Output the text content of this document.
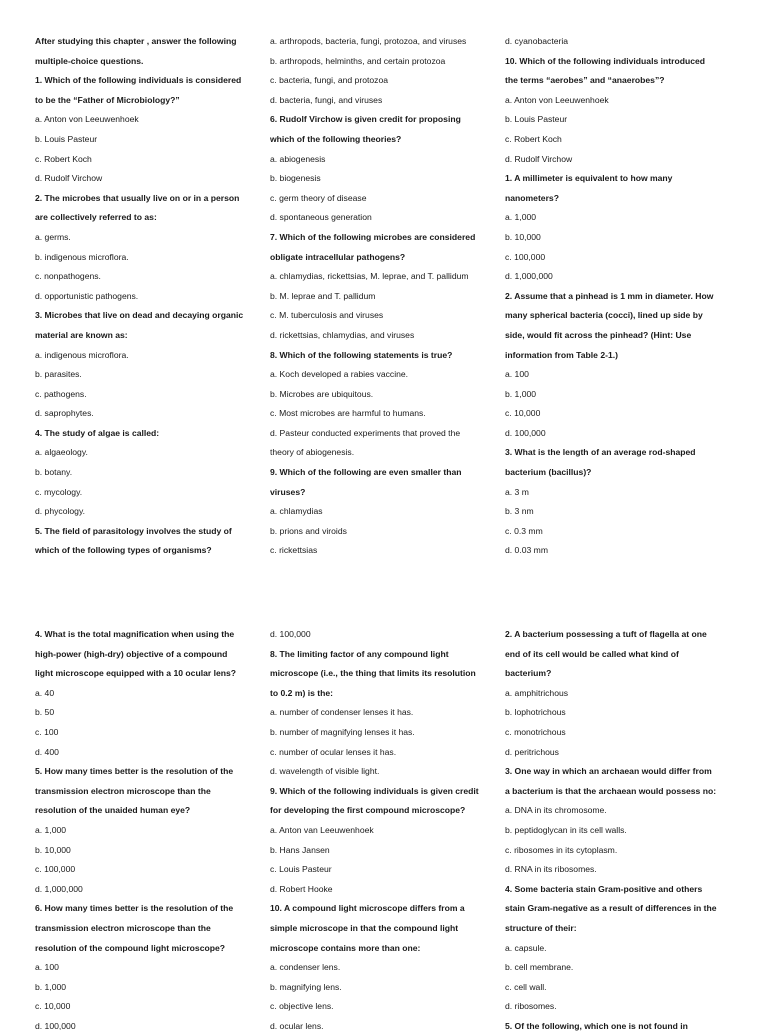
After studying this chapter , answer the following
multiple-choice questions.
1. Which of the following individuals is considered
to be the “Father of Microbiology?”
a. Anton von Leeuwenhoek
b. Louis Pasteur
c. Robert Koch
d. Rudolf Virchow
2. The microbes that usually live on or in a person
are collectively referred to as:
a. germs.
b. indigenous microflora.
c. nonpathogens.
d. opportunistic pathogens.
3. Microbes that live on dead and decaying organic
material are known as:
a. indigenous microflora.
b. parasites.
c. pathogens.
d. saprophytes.
4. The study of algae is called:
a. algaeology.
b. botany.
c. mycology.
d. phycology.
5. The field of parasitology involves the study of
which of the following types of organisms?
a. arthropods, bacteria, fungi, protozoa, and viruses
b. arthropods, helminths, and certain protozoa
c. bacteria, fungi, and protozoa
d. bacteria, fungi, and viruses
6. Rudolf Virchow is given credit for proposing
which of the following theories?
a. abiogenesis
b. biogenesis
c. germ theory of disease
d. spontaneous generation
7. Which of the following microbes are considered
obligate intracellular pathogens?
a. chlamydias, rickettsias, M. leprae, and T. pallidum
b. M. leprae and T. pallidum
c. M. tuberculosis and viruses
d. rickettsias, chlamydias, and viruses
8. Which of the following statements is true?
a. Koch developed a rabies vaccine.
b. Microbes are ubiquitous.
c. Most microbes are harmful to humans.
d. Pasteur conducted experiments that proved the
theory of abiogenesis.
9. Which of the following are even smaller than
viruses?
a. chlamydias
b. prions and viroids
c. rickettsias
d. cyanobacteria
10. Which of the following individuals introduced
the terms “aerobes” and “anaerobes”?
a. Anton von Leeuwenhoek
b. Louis Pasteur
c. Robert Koch
d. Rudolf Virchow
1. A millimeter is equivalent to how many
nanometers?
a. 1,000
b. 10,000
c. 100,000
d. 1,000,000
2. Assume that a pinhead is 1 mm in diameter. How
many spherical bacteria (cocci), lined up side by
side, would fit across the pinhead? (Hint: Use
information from Table 2-1.)
a. 100
b. 1,000
c. 10,000
d. 100,000
3. What is the length of an average rod-shaped
bacterium (bacillus)?
a. 3 m
b. 3 nm
c. 0.3 mm
d. 0.03 mm
4. What is the total magnification when using the
high-power (high-dry) objective of a compound
light microscope equipped with a 10 ocular lens?
a. 40
b. 50
c. 100
d. 400
5. How many times better is the resolution of the
transmission electron microscope than the
resolution of the unaided human eye?
a. 1,000
b. 10,000
c. 100,000
d. 1,000,000
6. How many times better is the resolution of the
transmission electron microscope than the
resolution of the compound light microscope?
a. 100
b. 1,000
c. 10,000
d. 100,000
d. 100,000
8. The limiting factor of any compound light
microscope (i.e., the thing that limits its resolution
to 0.2 m) is the:
a. number of condenser lenses it has.
b. number of magnifying lenses it has.
c. number of ocular lenses it has.
d. wavelength of visible light.
9. Which of the following individuals is given credit
for developing the first compound microscope?
a. Anton van Leeuwenhoek
b. Hans Jansen
c. Louis Pasteur
d. Robert Hooke
10. A compound light microscope differs from a
simple microscope in that the compound light
microscope contains more than one:
a. condenser lens.
b. magnifying lens.
c. objective lens.
d. ocular lens.
2. A bacterium possessing a tuft of flagella at one
end of its cell would be called what kind of
bacterium?
a. amphitrichous
b. lophotrichous
c. monotrichous
d. peritrichous
3. One way in which an archaean would differ from
a bacterium is that the archaean would possess no:
a. DNA in its chromosome.
b. peptidoglycan in its cell walls.
c. ribosomes in its cytoplasm.
d. RNA in its ribosomes.
4. Some bacteria stain Gram-positive and others
stain Gram-negative as a result of differences in the
structure of their:
a. capsule.
b. cell membrane.
c. cell wall.
d. ribosomes.
5. Of the following, which one is not found in
